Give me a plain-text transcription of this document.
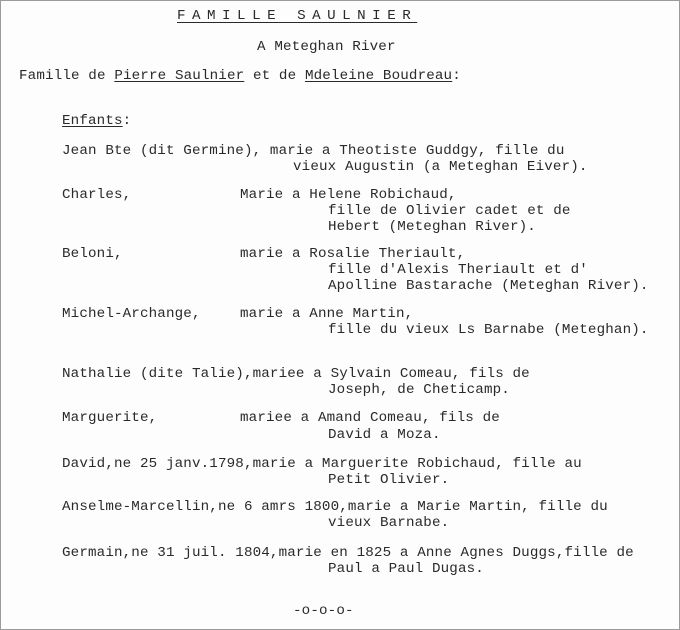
FAMILLE SAULNIER
A Meteghan River
Famille de Pierre Saulnier et de Mdeleine Boudreau:
Enfants:
Jean Bte (dit Germine), marie a Theotiste Guddgy, fille du
vieux Augustin (a Meteghan Eiver).
Charles,	Marie a Helene Robichaud,
fille de Olivier cadet et de
Hebert (Meteghan River).
Beloni,	marie a Rosalie Theriault,
fille d'Alexis Theriault et d'
Apolline Bastarache (Meteghan River).
Michel-Archange,	marie a Anne Martin,
fille du vieux Ls Barnabe (Meteghan).
Nathalie (dite Talie),mariee a Sylvain Comeau, fils de
Joseph, de Cheticamp.
Marguerite,	mariee a Amand Comeau, fils de
David a Moza.
David,ne 25 janv.1798,marie a Marguerite Robichaud, fille au
Petit Olivier.
Anselme-Marcellin,ne 6 amrs 1800,marie a Marie Martin, fille du
vieux Barnabe.
Germain,ne 31 juil. 1804,marie en 1825 a Anne Agnes Duggs,fille de
Paul a Paul Dugas.
-o-o-o-
